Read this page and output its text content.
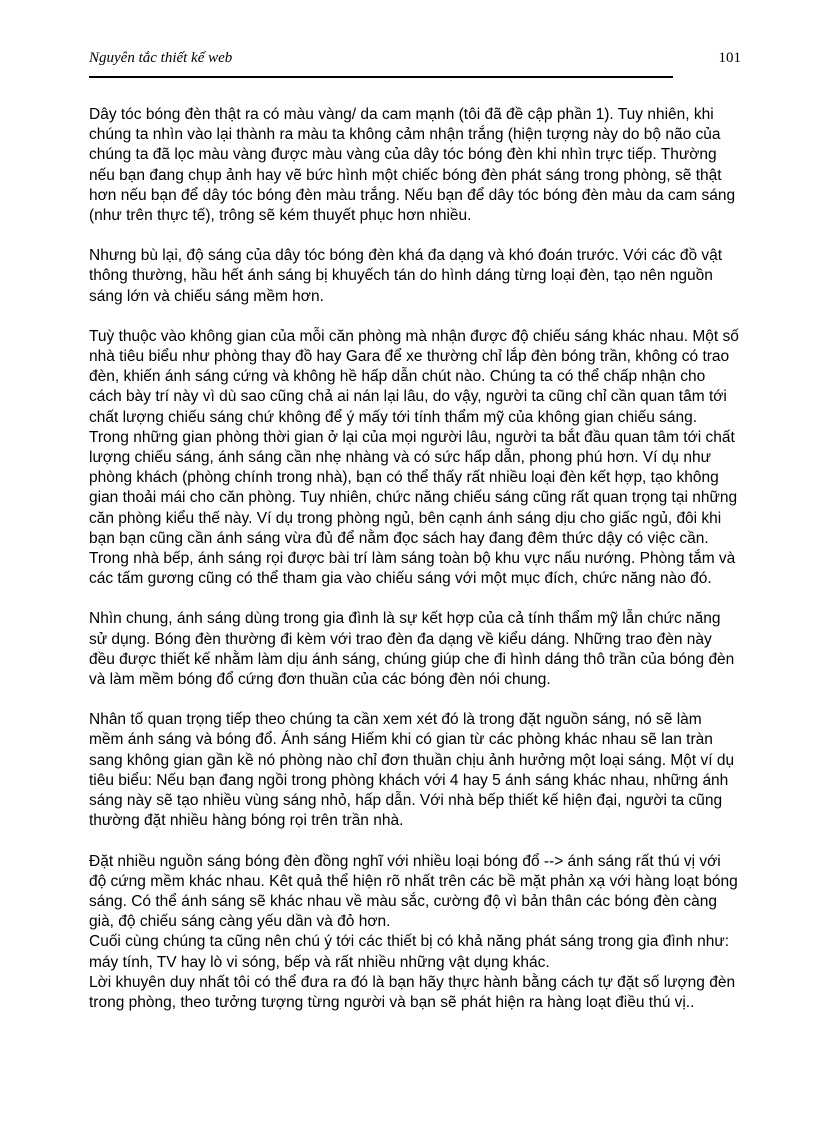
Nguyên tắc thiết kế web	101

Dây tóc bóng đèn thật ra có màu vàng/ da cam mạnh (tôi đã đề cập phần 1). Tuy nhiên, khi chúng ta nhìn vào lại thành ra màu ta không cảm nhận trắng (hiện tượng này do bộ não của chúng ta đã lọc màu vàng được màu vàng của dây tóc bóng đèn khi nhìn trực tiếp. Thường nếu bạn đang chụp ảnh hay vẽ bức hình một chiếc bóng đèn phát sáng trong phòng, sẽ thật hơn nếu bạn để dây tóc bóng đèn màu trắng. Nếu bạn để dây tóc bóng đèn màu da cam sáng (như trên thực tế), trông sẽ kém thuyết phục hơn nhiều.

Nhưng bù lại, độ sáng của dây tóc bóng đèn khá đa dạng và khó đoán trước. Với các đồ vật thông thường, hầu hết ánh sáng bị khuyếch tán do hình dáng từng loại đèn, tạo nên nguồn sáng lớn và chiếu sáng mềm hơn.

Tuỳ thuộc vào không gian của mỗi căn phòng mà nhận được độ chiếu sáng khác nhau. Một số nhà tiêu biểu như phòng thay đồ hay Gara để xe thường chỉ lắp đèn bóng trần, không có trao đèn, khiến ánh sáng cứng và không hề hấp dẫn chút nào. Chúng ta có thể chấp nhận cho cách bày trí này vì dù sao cũng chả ai nán lại lâu, do vậy, người ta cũng chỉ cần quan tâm tới chất lượng chiếu sáng chứ không để ý mấy tới tính thẩm mỹ của không gian chiếu sáng.

Trong những gian phòng thời gian ở lại của mọi người lâu, người ta bắt đầu quan tâm tới chất lượng chiếu sáng, ánh sáng cần nhẹ nhàng và có sức hấp dẫn, phong phú hơn. Ví dụ như phòng khách (phòng chính trong nhà), bạn có thể thấy rất nhiều loại đèn kết hợp, tạo không gian thoải mái cho căn phòng. Tuy nhiên, chức năng chiếu sáng cũng rất quan trọng tại những căn phòng kiểu thế này. Ví dụ trong phòng ngủ, bên cạnh ánh sáng dịu cho giấc ngủ, đôi khi bạn bạn cũng cần ánh sáng vừa đủ để nằm đọc sách hay đang đêm thức dậy có việc cần. Trong nhà bếp, ánh sáng rọi được bài trí làm sáng toàn bộ khu vực nấu nướng. Phòng tắm và các tấm gương cũng có thể tham gia vào chiếu sáng với một mục đích, chức năng nào đó.

Nhìn chung, ánh sáng dùng trong gia đình là sự kết hợp của cả tính thẩm mỹ lẫn chức năng sử dụng. Bóng đèn thường đi kèm với trao đèn đa dạng về kiểu dáng. Những trao đèn này đều được thiết kế nhằm làm dịu ánh sáng, chúng giúp che đi hình dáng thô trần của bóng đèn và làm mềm bóng đổ cứng đơn thuần của các bóng đèn nói chung.

Nhân tố quan trọng tiếp theo chúng ta cần xem xét đó là trong đặt nguồn sáng, nó sẽ làm mềm ánh sáng và bóng đổ. Ánh sáng Hiếm khi có gian từ các phòng khác nhau sẽ lan tràn sang không gian gần kề nó phòng nào chỉ đơn thuần chịu ảnh hưởng một loại sáng. Một ví dụ tiêu biểu: Nếu bạn đang ngồi trong phòng khách với 4 hay 5 ánh sáng khác nhau, những ánh sáng này sẽ tạo nhiều vùng sáng nhỏ, hấp dẫn. Với nhà bếp thiết kế hiện đại, người ta cũng thường đặt nhiều hàng bóng rọi trên trần nhà.

Đặt nhiều nguồn sáng bóng đèn đồng nghĩ với nhiều loại bóng đổ --> ánh sáng rất thú vị với độ cứng mềm khác nhau. Kêt quả thể hiện rõ nhất trên các bề mặt phản xạ với hàng loạt bóng sáng. Có thể ánh sáng sẽ khác nhau về màu sắc, cường độ vì bản thân các bóng đèn càng già, độ chiếu sáng càng yếu dần và đỏ hơn.

Cuối cùng chúng ta cũng nên chú ý tới các thiết bị có khả năng phát sáng trong gia đình như: máy tính, TV hay lò vi sóng, bếp và rất nhiều những vật dụng khác.

Lời khuyên duy nhất tôi có thể đưa ra đó là bạn hãy thực hành bằng cách tự đặt số lượng đèn trong phòng, theo tưởng tượng từng người và bạn sẽ phát hiện ra hàng loạt điều thú vị..
